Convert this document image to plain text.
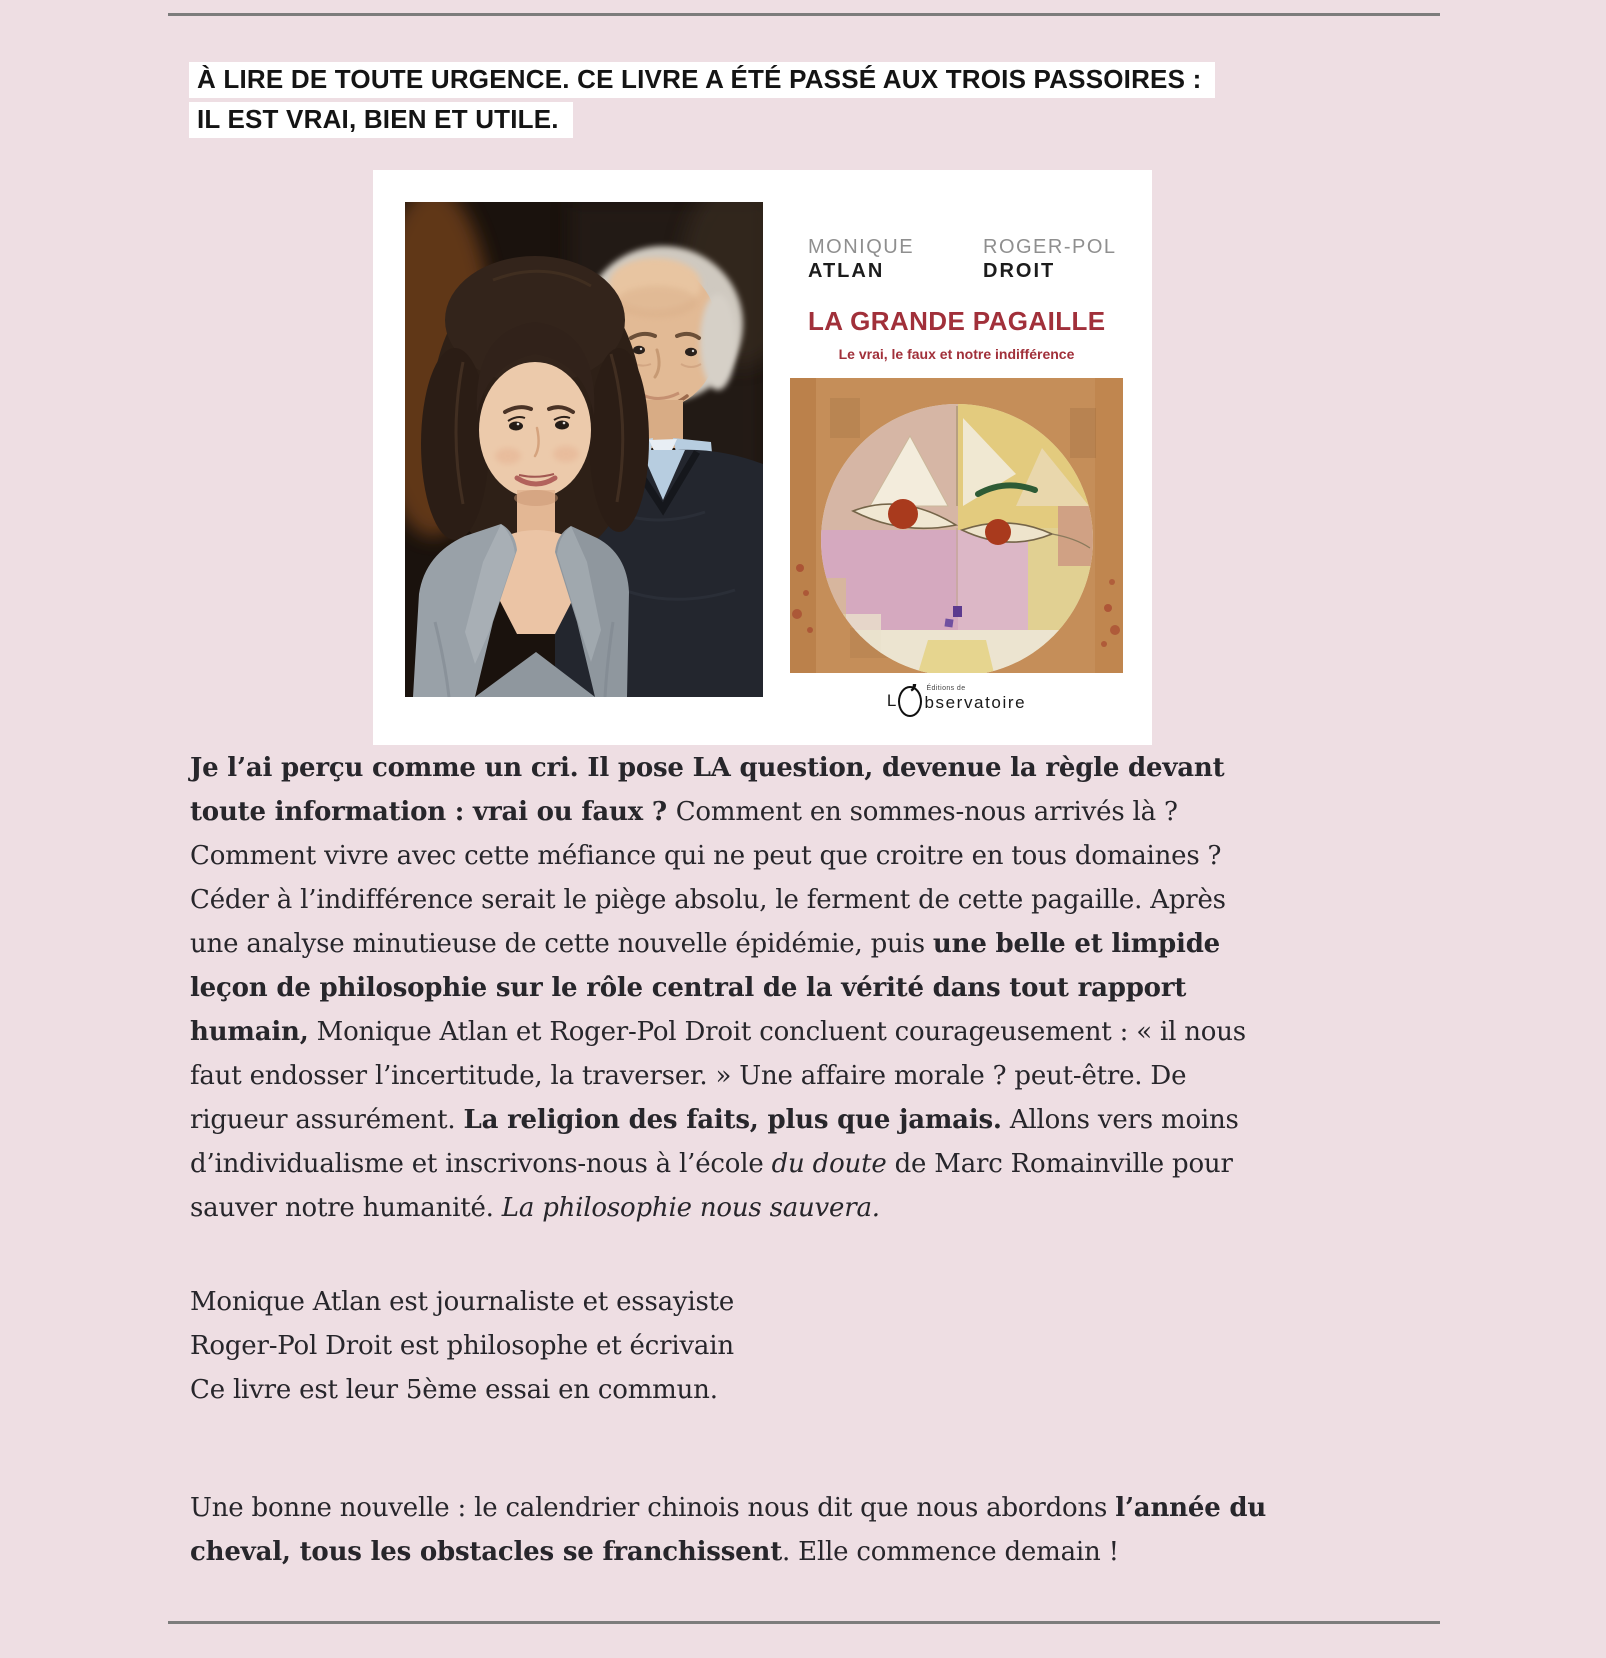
À LIRE DE TOUTE URGENCE. CE LIVRE A ÉTÉ PASSÉ AUX TROIS PASSOIRES :
IL EST VRAI, BIEN ET UTILE.
MONIQUE
ATLAN
ROGER-POL
DROIT
LA GRANDE PAGAILLE
Le vrai, le faux et notre indifférence
L ’ Éditions de
bservatoire

Je l’ai perçu comme un cri. Il pose LA question, devenue la règle devant toute information : vrai ou faux ? Comment en sommes-nous arrivés là ? Comment vivre avec cette méfiance qui ne peut que croitre en tous domaines ? Céder à l’indifférence serait le piège absolu, le ferment de cette pagaille. Après une analyse minutieuse de cette nouvelle épidémie, puis une belle et limpide leçon de philosophie sur le rôle central de la vérité dans tout rapport humain, Monique Atlan et Roger-Pol Droit concluent courageusement : « il nous faut endosser l’incertitude, la traverser. » Une affaire morale ? peut-être. De rigueur assurément. La religion des faits, plus que jamais. Allons vers moins d’individualisme et inscrivons-nous à l’école du doute de Marc Romainville pour sauver notre humanité. La philosophie nous sauvera.

Monique Atlan est journaliste et essayiste
Roger-Pol Droit est philosophe et écrivain
Ce livre est leur 5ème essai en commun.

Une bonne nouvelle : le calendrier chinois nous dit que nous abordons l’année du cheval, tous les obstacles se franchissent. Elle commence demain !
